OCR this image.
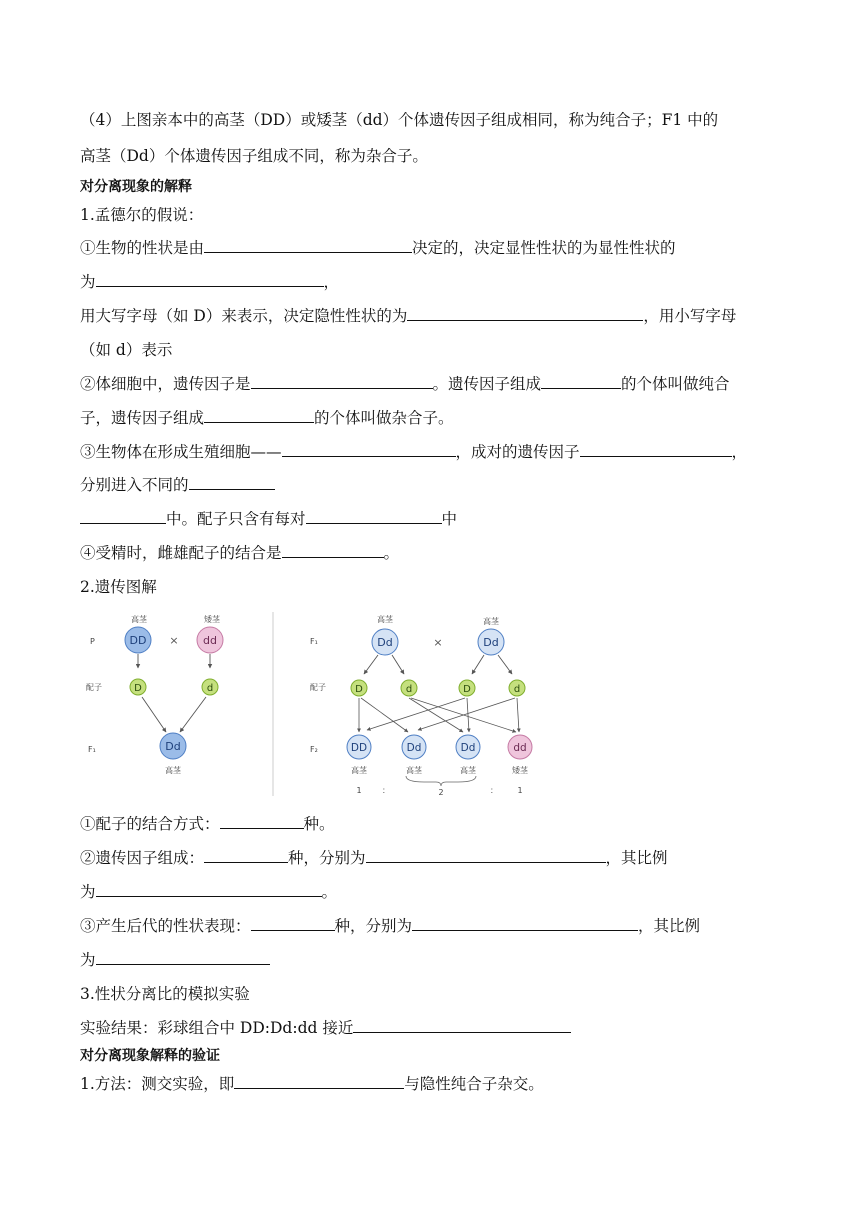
（4）上图亲本中的高茎（DD）或矮茎（dd）个体遗传因子组成相同，称为纯合子；F1 中的
高茎（Dd）个体遗传因子组成不同，称为杂合子。
对分离现象的解释
1.孟德尔的假说：
①生物的性状是由	决定的，决定显性性状的为显性性状的
为	，
用大写字母（如 D）来表示，决定隐性性状的为	，用小写字母
（如 d）表示
②体细胞中，遗传因子是	。遗传因子组成	的个体叫做纯合
子，遗传因子组成	的个体叫做杂合子。
③生物体在形成生殖细胞——	，成对的遗传因子	，
分别进入不同的
中。配子只含有每对	中
④受精时，雌雄配子的结合是	。
2.遗传图解
P
配子
F₁
高茎	矮茎
DD × dd
D	d
Dd
高茎
F₁
配子
F₂
高茎	高茎
Dd	×	Dd
D	d	D	d
DD	Dd	Dd	dd
高茎	高茎	高茎	矮茎
1	：	2	： 1
①配子的结合方式：	种。
②遗传因子组成：	种，分别为	，其比例
为	。
③产生后代的性状表现：	种，分别为	，其比例
为
3.性状分离比的模拟实验
实验结果：彩球组合中 DD:Dd:dd 接近
对分离现象解释的验证
1.方法：测交实验，即	与隐性纯合子杂交。
